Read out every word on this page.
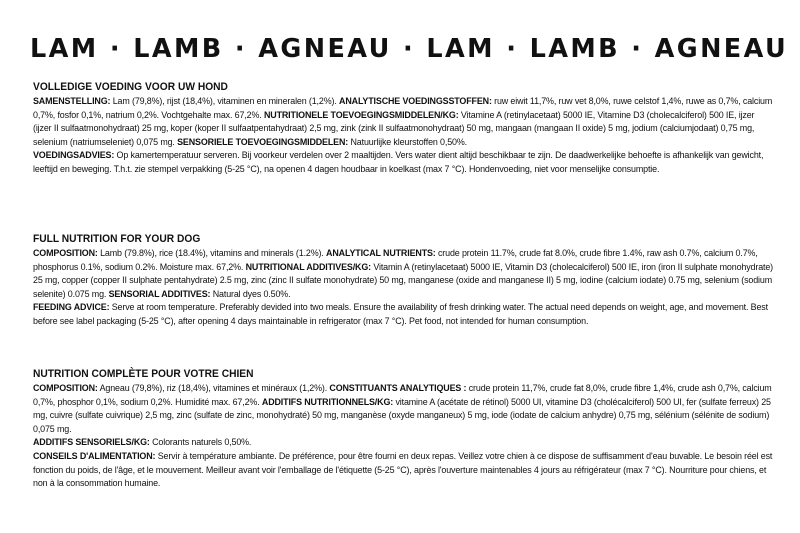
LAM · LAMB · AGNEAU · LAM · LAMB · AGNEAU
VOLLEDIGE VOEDING VOOR UW HOND

SAMENSTELLING: Lam (79,8%), rijst (18,4%), vitaminen en mineralen (1,2%). ANALYTISCHE VOEDINGSSTOFFEN: ruw eiwit 11,7%, ruw vet 8,0%, ruwe celstof 1,4%, ruwe as 0,7%, calcium 0,7%, fosfor 0,1%, natrium 0,2%. Vochtgehalte max. 67,2%. NUTRITIONELE TOEVOEGINGSMIDDELEN/KG: Vitamine A (retinylacetaat) 5000 IE, Vitamine D3 (cholecalciferol) 500 IE, ijzer (ijzer II sulfaatmonohydraat) 25 mg, koper (koper II sulfaatpentahydraat) 2,5 mg, zink (zink II sulfaatmonohydraat) 50 mg, mangaan (mangaan II oxide) 5 mg, jodium (calciumjodaat) 0,75 mg, selenium (natriumseleniet) 0,075 mg. SENSORIELE TOEVOEGINGSMIDDELEN: Natuurlijke kleurstoffen 0,50%.

VOEDINGSADVIES: Op kamertemperatuur serveren. Bij voorkeur verdelen over 2 maaltijden. Vers water dient altijd beschikbaar te zijn. De daadwerkelijke behoefte is afhankelijk van gewicht, leeftijd en beweging. T.h.t. zie stempel verpakking (5-25 °C), na openen 4 dagen houdbaar in koelkast (max 7 °C). Hondenvoeding, niet voor menselijke consumptie.

FULL NUTRITION FOR YOUR DOG

COMPOSITION: Lamb (79.8%), rice (18.4%), vitamins and minerals (1.2%). ANALYTICAL NUTRIENTS: crude protein 11.7%, crude fat 8.0%, crude fibre 1.4%, raw ash 0.7%, calcium 0.7%, phosphorus 0.1%, sodium 0.2%. Moisture max. 67,2%. NUTRITIONAL ADDITIVES/KG: Vitamin A (retinylacetaat) 5000 IE, Vitamin D3 (cholecalciferol) 500 IE, iron (iron II sulphate monohydrate) 25 mg, copper (copper II sulphate pentahydrate) 2.5 mg, zinc (zinc II sulfate monohydrate) 50 mg, manganese (oxide and manganese II) 5 mg, iodine (calcium iodate) 0.75 mg, selenium (sodium selenite) 0.075 mg. SENSORIAL ADDITIVES: Natural dyes 0.50%.

FEEDING ADVICE: Serve at room temperature. Preferably devided into two meals. Ensure the availability of fresh drinking water. The actual need depends on weight, age, and movement. Best before see label packaging (5-25 °C), after opening 4 days maintainable in refrigerator (max 7 °C). Pet food, not intended for human consumption.

NUTRITION COMPLÈTE POUR VOTRE CHIEN

COMPOSITION: Agneau (79,8%), riz (18,4%), vitamines et minéraux (1,2%). CONSTITUANTS ANALYTIQUES : crude protein 11,7%, crude fat 8,0%, crude fibre 1,4%, crude ash 0,7%, calcium 0,7%, phosphor 0,1%, sodium 0,2%. Humidité max. 67,2%. ADDITIFS NUTRITIONNELS/KG: vitamine A (acétate de rétinol) 5000 UI, vitamine D3 (cholécalciferol) 500 UI, fer (sulfate ferreux) 25 mg, cuivre (sulfate cuivrique) 2,5 mg, zinc (sulfate de zinc, monohydraté) 50 mg, manganèse (oxyde manganeux) 5 mg, iode (iodate de calcium anhydre) 0,75 mg, sélénium (sélénite de sodium) 0,075 mg.

ADDITIFS SENSORIELS/KG: Colorants naturels 0,50%.

CONSEILS D'ALIMENTATION: Servir à température ambiante. De préférence, pour être fourni en deux repas. Veillez votre chien à ce dispose de suffisamment d'eau buvable. Le besoin réel est fonction du poids, de l'âge, et le mouvement. Meilleur avant voir l'emballage de l'étiquette (5-25 °C), après l'ouverture maintenables 4 jours au réfrigérateur (max 7 °C). Nourriture pour chiens, et non à la consommation humaine.
